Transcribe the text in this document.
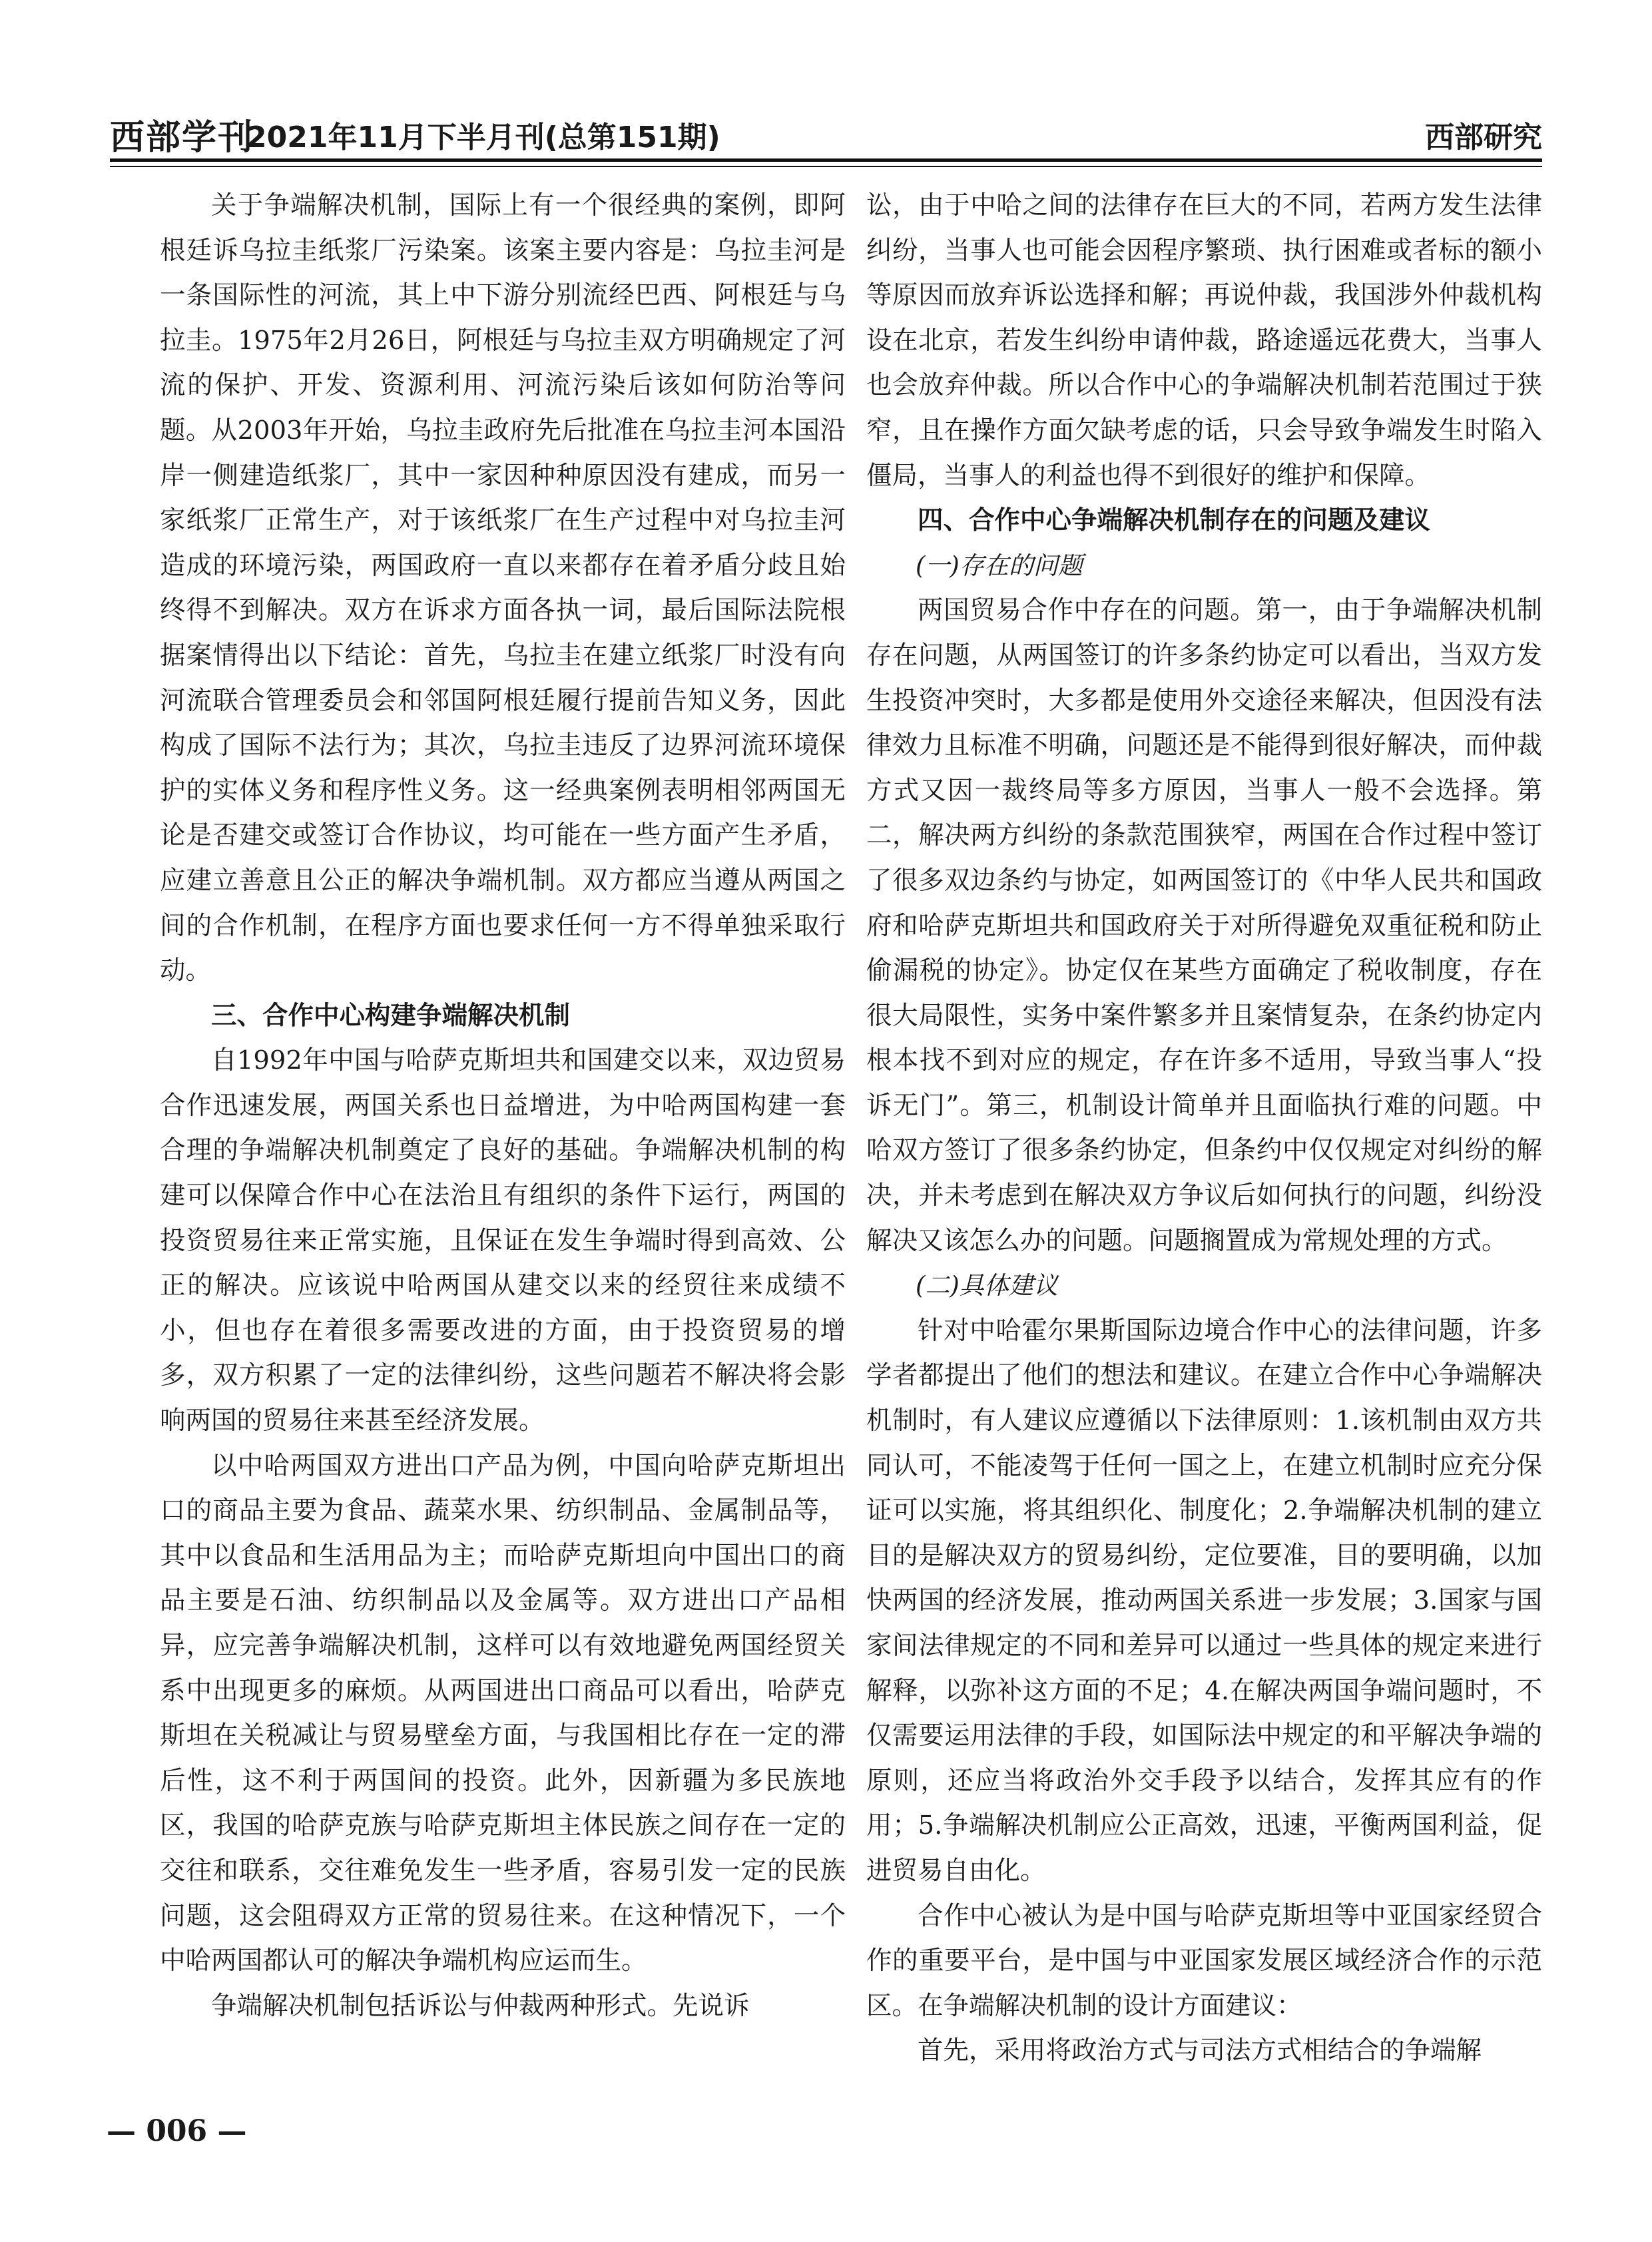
西部学刊
2021年11月下半月刊(总第151期)	西部研究

关于争端解决机制，国际上有一个很经典的案例，即阿根廷诉乌拉圭纸浆厂污染案。该案主要内容是：乌拉圭河是一条国际性的河流，其上中下游分别流经巴西、阿根廷与乌拉圭。1975年2月26日，阿根廷与乌拉圭双方明确规定了河流的保护、开发、资源利用、河流污染后该如何防治等问题。从2003年开始，乌拉圭政府先后批准在乌拉圭河本国沿岸一侧建造纸浆厂，其中一家因种种原因没有建成，而另一家纸浆厂正常生产，对于该纸浆厂在生产过程中对乌拉圭河造成的环境污染，两国政府一直以来都存在着矛盾分歧且始终得不到解决。双方在诉求方面各执一词，最后国际法院根据案情得出以下结论：首先，乌拉圭在建立纸浆厂时没有向河流联合管理委员会和邻国阿根廷履行提前告知义务，因此构成了国际不法行为；其次，乌拉圭违反了边界河流环境保护的实体义务和程序性义务。这一经典案例表明相邻两国无论是否建交或签订合作协议，均可能在一些方面产生矛盾，应建立善意且公正的解决争端机制。双方都应当遵从两国之间的合作机制，在程序方面也要求任何一方不得单独采取行动。

三、合作中心构建争端解决机制

自1992年中国与哈萨克斯坦共和国建交以来，双边贸易合作迅速发展，两国关系也日益增进，为中哈两国构建一套合理的争端解决机制奠定了良好的基础。争端解决机制的构建可以保障合作中心在法治且有组织的条件下运行，两国的投资贸易往来正常实施，且保证在发生争端时得到高效、公正的解决。应该说中哈两国从建交以来的经贸往来成绩不小，但也存在着很多需要改进的方面，由于投资贸易的增多，双方积累了一定的法律纠纷，这些问题若不解决将会影响两国的贸易往来甚至经济发展。

以中哈两国双方进出口产品为例，中国向哈萨克斯坦出口的商品主要为食品、蔬菜水果、纺织制品、金属制品等，其中以食品和生活用品为主；而哈萨克斯坦向中国出口的商品主要是石油、纺织制品以及金属等。双方进出口产品相异，应完善争端解决机制，这样可以有效地避免两国经贸关系中出现更多的麻烦。从两国进出口商品可以看出，哈萨克斯坦在关税减让与贸易壁垒方面，与我国相比存在一定的滞后性，这不利于两国间的投资。此外，因新疆为多民族地区，我国的哈萨克族与哈萨克斯坦主体民族之间存在一定的交往和联系，交往难免发生一些矛盾，容易引发一定的民族问题，这会阻碍双方正常的贸易往来。在这种情况下，一个中哈两国都认可的解决争端机构应运而生。

争端解决机制包括诉讼与仲裁两种形式。先说诉

讼，由于中哈之间的法律存在巨大的不同，若两方发生法律纠纷，当事人也可能会因程序繁琐、执行困难或者标的额小等原因而放弃诉讼选择和解；再说仲裁，我国涉外仲裁机构设在北京，若发生纠纷申请仲裁，路途遥远花费大，当事人也会放弃仲裁。所以合作中心的争端解决机制若范围过于狭窄，且在操作方面欠缺考虑的话，只会导致争端发生时陷入僵局，当事人的利益也得不到很好的维护和保障。

四、合作中心争端解决机制存在的问题及建议
(一)存在的问题

两国贸易合作中存在的问题。第一，由于争端解决机制存在问题，从两国签订的许多条约协定可以看出，当双方发生投资冲突时，大多都是使用外交途径来解决，但因没有法律效力且标准不明确，问题还是不能得到很好解决，而仲裁方式又因一裁终局等多方原因，当事人一般不会选择。第二，解决两方纠纷的条款范围狭窄，两国在合作过程中签订了很多双边条约与协定，如两国签订的《中华人民共和国政府和哈萨克斯坦共和国政府关于对所得避免双重征税和防止偷漏税的协定》。协定仅在某些方面确定了税收制度，存在很大局限性，实务中案件繁多并且案情复杂，在条约协定内根本找不到对应的规定，存在许多不适用，导致当事人“投诉无门”。第三，机制设计简单并且面临执行难的问题。中哈双方签订了很多条约协定，但条约中仅仅规定对纠纷的解决，并未考虑到在解决双方争议后如何执行的问题，纠纷没解决又该怎么办的问题。问题搁置成为常规处理的方式。

(二)具体建议

针对中哈霍尔果斯国际边境合作中心的法律问题，许多学者都提出了他们的想法和建议。在建立合作中心争端解决机制时，有人建议应遵循以下法律原则：1.该机制由双方共同认可，不能凌驾于任何一国之上，在建立机制时应充分保证可以实施，将其组织化、制度化；2.争端解决机制的建立目的是解决双方的贸易纠纷，定位要准，目的要明确，以加快两国的经济发展，推动两国关系进一步发展；3.国家与国家间法律规定的不同和差异可以通过一些具体的规定来进行解释，以弥补这方面的不足；4.在解决两国争端问题时，不仅需要运用法律的手段，如国际法中规定的和平解决争端的原则，还应当将政治外交手段予以结合，发挥其应有的作用；5.争端解决机制应公正高效，迅速，平衡两国利益，促进贸易自由化。

合作中心被认为是中国与哈萨克斯坦等中亚国家经贸合作的重要平台，是中国与中亚国家发展区域经济合作的示范区。在争端解决机制的设计方面建议：

首先，采用将政治方式与司法方式相结合的争端解

— 006 —
